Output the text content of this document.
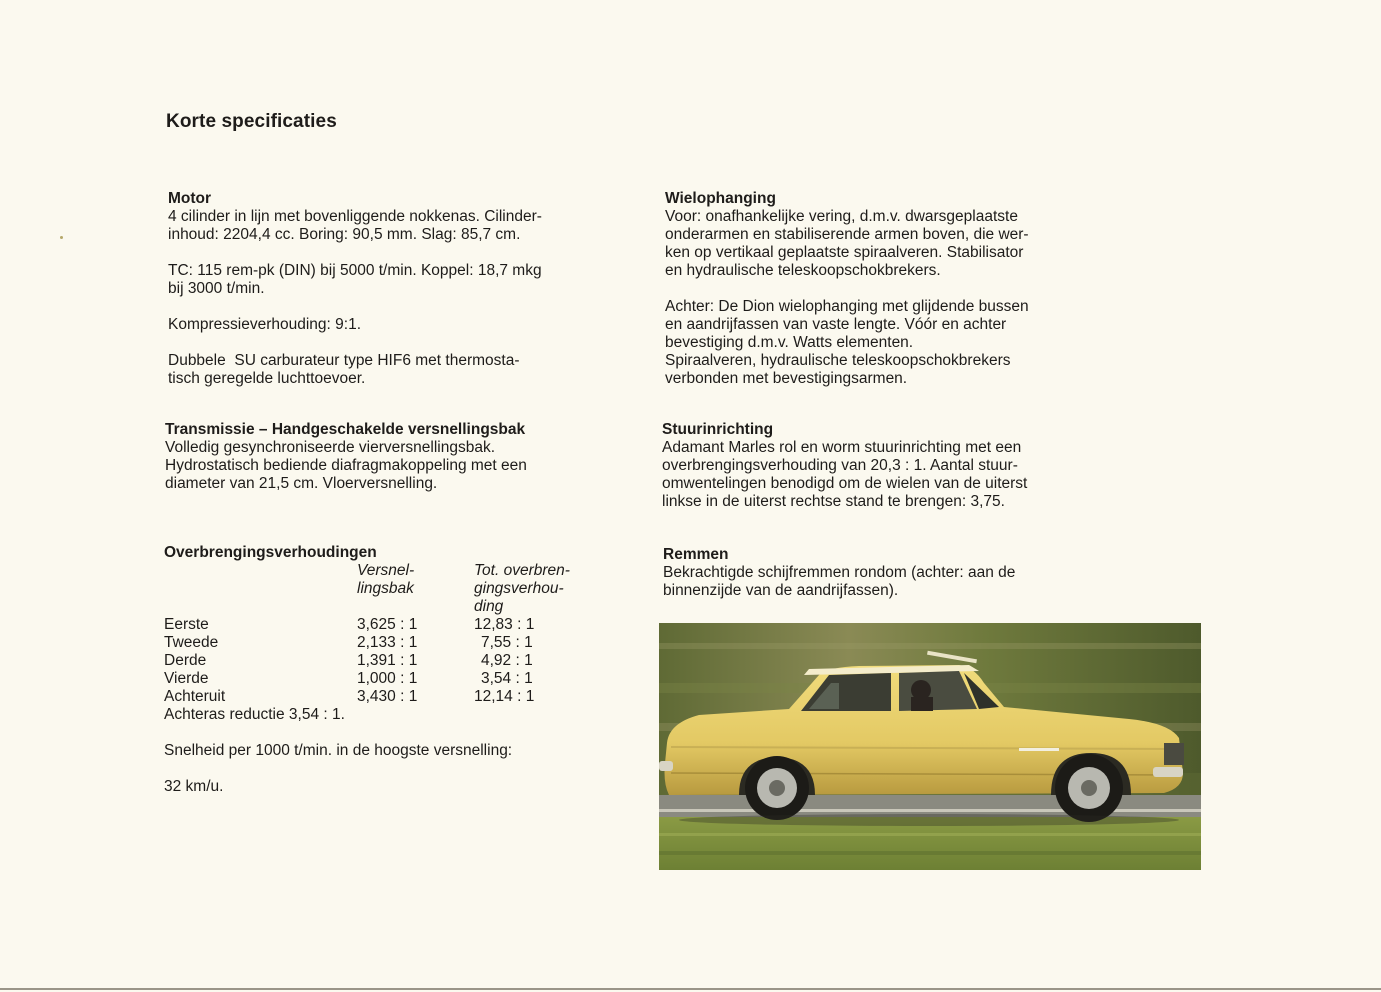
Korte specificaties
Motor

4 cilinder in lijn met bovenliggende nokkenas. Cilinder-
inhoud: 2204,4 cc. Boring: 90,5 mm. Slag: 85,7 cm.

TC: 115 rem-pk (DIN) bij 5000 t/min. Koppel: 18,7 mkg
bij 3000 t/min.

Kompressieverhouding: 9:1.

Dubbele  SU carburateur type HIF6 met thermosta-
tisch geregelde luchttoevoer.

Transmissie – Handgeschakelde versnellingsbak

Volledig gesynchroniseerde vierversnellingsbak.
Hydrostatisch bediende diafragmakoppeling met een
diameter van 21,5 cm. Vloerversnelling.

Overbrengingsverhoudingen
	Versnel-
lingsbak	Tot. overbren-
gingsverhou-
ding
Eerste	3,625 : 1	12,83 : 1
Tweede	2,133 : 1	7,55 : 1
Derde	1,391 : 1	4,92 : 1
Vierde	1,000 : 1	3,54 : 1
Achteruit	3,430 : 1	12,14 : 1

Achteras reductie 3,54 : 1.

Snelheid per 1000 t/min. in de hoogste versnelling:

32 km/u.

Wielophanging

Voor: onafhankelijke vering, d.m.v. dwarsgeplaatste
onderarmen en stabiliserende armen boven, die wer-
ken op vertikaal geplaatste spiraalveren. Stabilisator
en hydraulische teleskoopschokbrekers.

Achter: De Dion wielophanging met glijdende bussen
en aandrijfassen van vaste lengte. Vóór en achter
bevestiging d.m.v. Watts elementen.
Spiraalveren, hydraulische teleskoopschokbrekers
verbonden met bevestigingsarmen.

Stuurinrichting

Adamant Marles rol en worm stuurinrichting met een
overbrengingsverhouding van 20,3 : 1. Aantal stuur-
omwentelingen benodigd om de wielen van de uiterst
linkse in de uiterst rechtse stand te brengen: 3,75.

Remmen

Bekrachtigde schijfremmen rondom (achter: aan de
binnenzijde van de aandrijfassen).
